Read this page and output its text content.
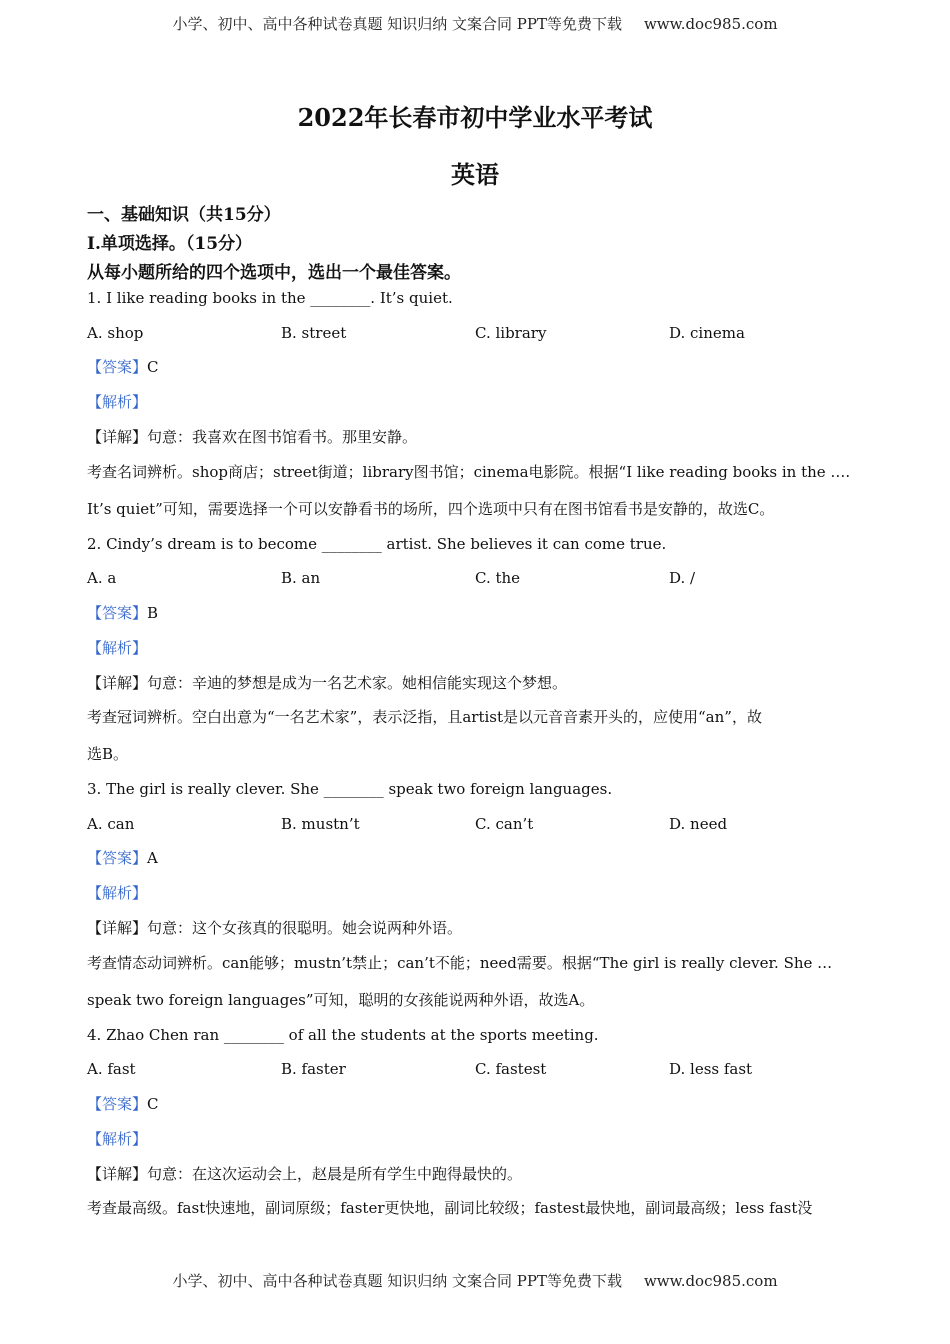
小学、初中、高中各种试卷真题 知识归纳 文案合同 PPT等免费下载 www.doc985.com
2022年长春市初中学业水平考试
英语
一、基础知识（共15分）
Ⅰ.单项选择。（15分）
从每小题所给的四个选项中，选出一个最佳答案。
1. I like reading books in the ________. It’s quiet.
A. shop	B. street	C. library	D. cinema
【答案】C
【解析】
【详解】句意：我喜欢在图书馆看书。那里安静。
考查名词辨析。shop商店；street街道；library图书馆；cinema电影院。根据“I like reading books in the ….
It’s quiet”可知，需要选择一个可以安静看书的场所，四个选项中只有在图书馆看书是安静的，故选C。
2. Cindy’s dream is to become ________ artist. She believes it can come true.
A. a	B. an	C. the	D. /
【答案】B
【解析】
【详解】句意：辛迪的梦想是成为一名艺术家。她相信能实现这个梦想。
考查冠词辨析。空白出意为“一名艺术家”，表示泛指，且artist是以元音音素开头的，应使用“an”，故
选B。
3. The girl is really clever. She ________ speak two foreign languages.
A. can	B. mustn’t	C. can’t	D. need
【答案】A
【解析】
【详解】句意：这个女孩真的很聪明。她会说两种外语。
考查情态动词辨析。can能够；mustn’t禁止；can’t不能；need需要。根据“The girl is really clever. She …
speak two foreign languages”可知，聪明的女孩能说两种外语，故选A。
4. Zhao Chen ran ________ of all the students at the sports meeting.
A. fast	B. faster	C. fastest	D. less fast
【答案】C
【解析】
【详解】句意：在这次运动会上，赵晨是所有学生中跑得最快的。
考查最高级。fast快速地，副词原级；faster更快地，副词比较级；fastest最快地，副词最高级；less fast没
小学、初中、高中各种试卷真题 知识归纳 文案合同 PPT等免费下载 www.doc985.com
